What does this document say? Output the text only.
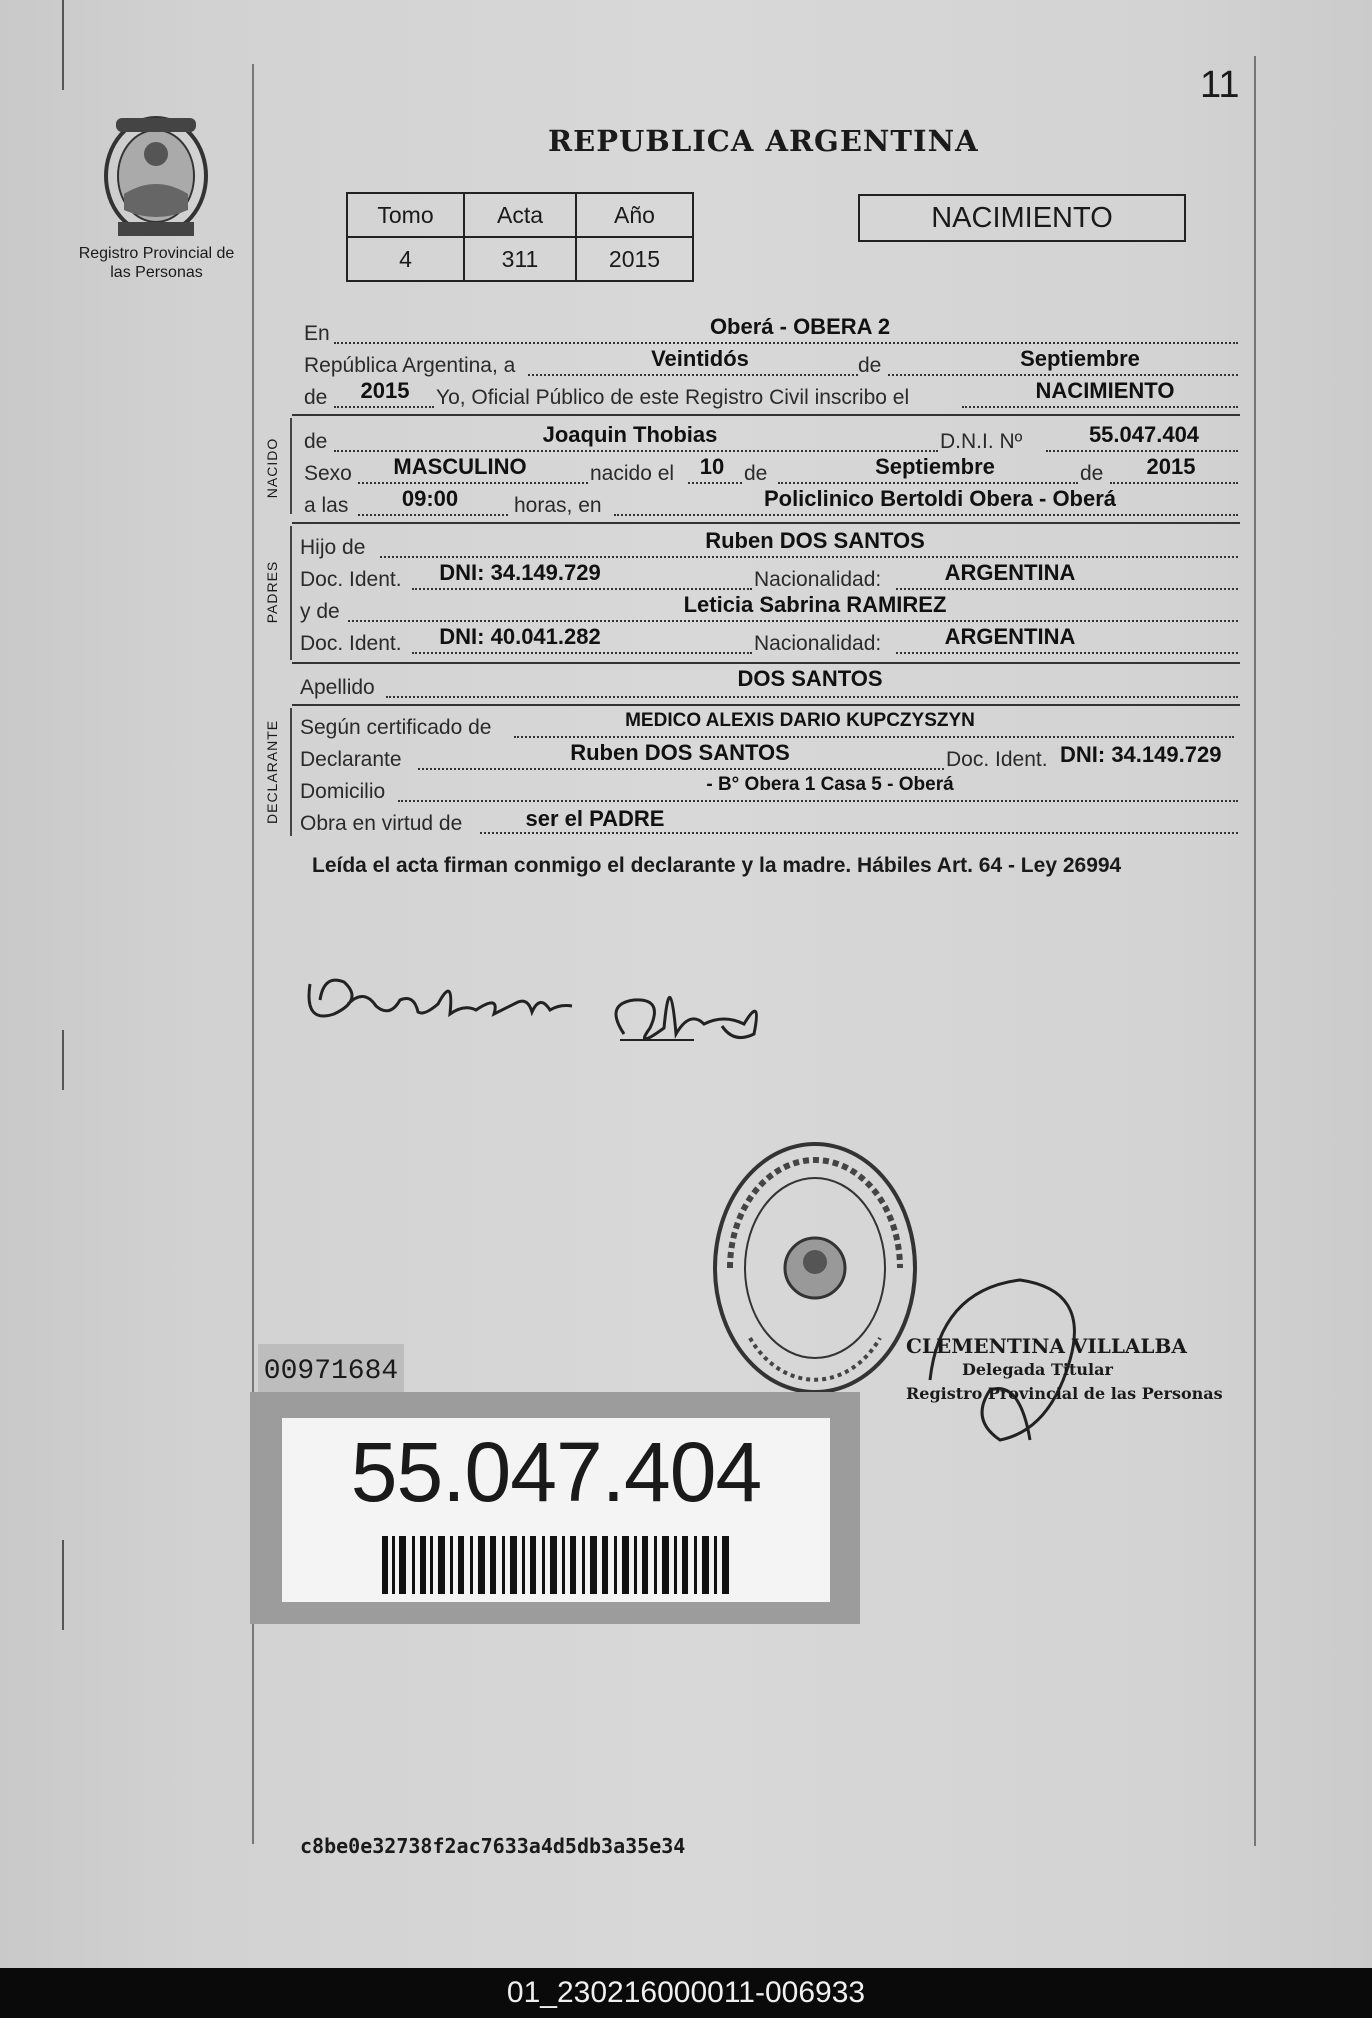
11
Registro Provincial de las Personas
REPUBLICA ARGENTINA
Tomo	Acta	Año
4	311	2015
NACIMIENTO
En	Oberá - OBERA 2
República Argentina, a	Veintidós	de	Septiembre
de	2015	Yo, Oficial Público de este Registro Civil inscribo el	NACIMIENTO
NACIDO de	Joaquin Thobias	D.N.I. Nº	55.047.404
Sexo	MASCULINO	nacido el	10 de	Septiembre	de	2015
a las	09:00	horas, en	Policlinico Bertoldi Obera - Oberá
PADRES
Hijo de	Ruben DOS SANTOS
Doc. Ident.	DNI: 34.149.729	Nacionalidad:	ARGENTINA
y de	Leticia Sabrina RAMIREZ
Doc. Ident.	DNI: 40.041.282	Nacionalidad:	ARGENTINA
Apellido	DOS SANTOS
DECLARANTE Según certificado de	MEDICO ALEXIS DARIO KUPCZYSZYN
Declarante	Ruben DOS SANTOS	Doc. Ident. DNI: 34.149.729
Domicilio	- B° Obera 1 Casa 5 - Oberá
Obra en virtud de	ser el PADRE
Leída el acta firman conmigo el declarante y la madre. Hábiles Art. 64 - Ley 26994
CLEMENTINA VILLALBA
Delegada Titular
Registro Provincial de las Personas
00971684
55.047.404
c8be0e32738f2ac7633a4d5db3a35e34
01_230216000011-006933
